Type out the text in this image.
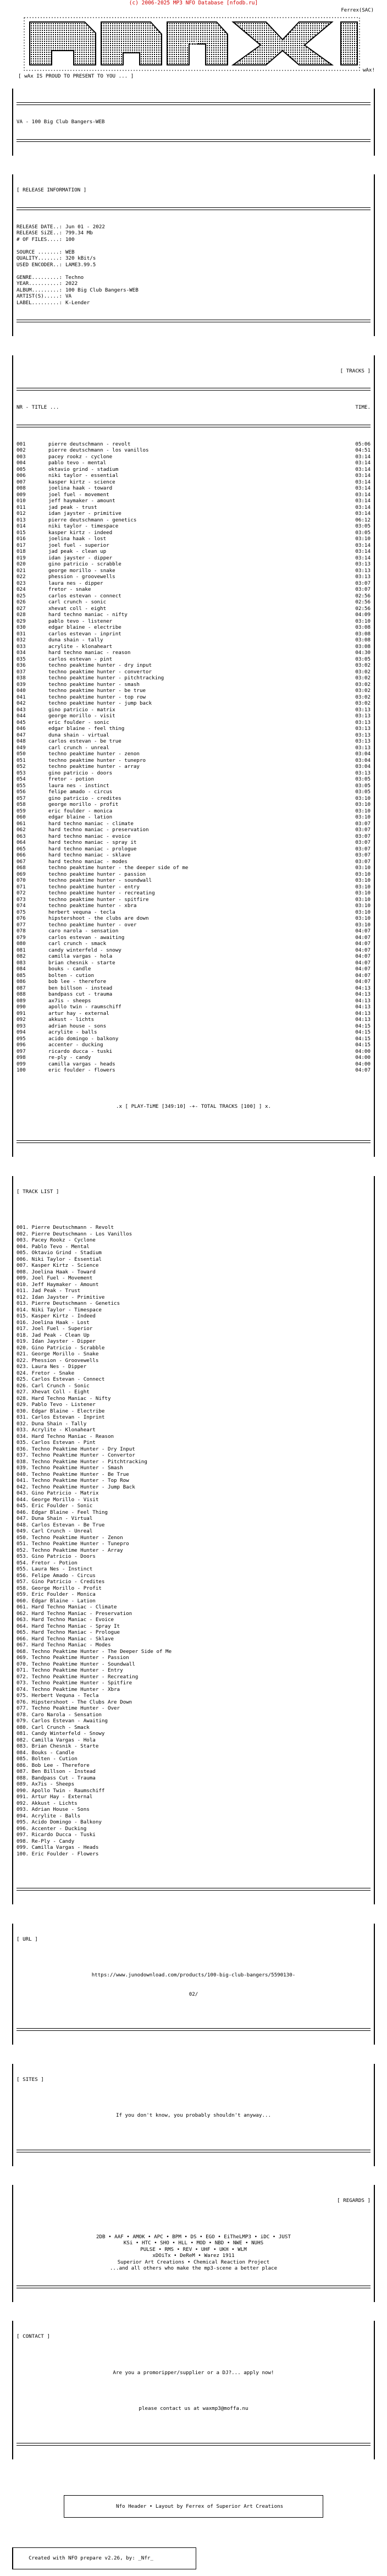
(c) 2006-2025 MP3 NFO Database [nfodb.ru]
Ferrex(SAC)
waxd

[ wAx IS PROUD TO PRESENT TO YOU ... ]

wAx!

VA - 100 Big Club Bangers-WEB

[ RELEASE INFORMATION ]

RELEASE DATE..: Jun 01 - 2022
RELEASE SiZE..: 799.34 Mb
# OF FILES....: 100

SOURCE .......: WEB
QUALITY.......: 320 kBit/s
USED ENCODER..: LAME3.99.5

GENRE.........: Techno
YEAR..........: 2022
ALBUM.........: 100 Big Club Bangers-WEB
ARTIST(S).....: VA
LABEL.........: K-Lender

[ TRACKS ]

NR - TITLE ...	TIME.

001	pierre deutschmann - revolt	05:06
002	pierre deutschmann - los vanillos	04:51
003	pacey rookz - cyclone	03:14
004	pablo tevo - mental	03:14
005	oktavio grind - stadium	03:14
006	niki taylor - essential	03:14
007	kasper kirtz - science	03:14
008	joelina haak - toward	03:14
009	joel fuel - movement	03:14
010	jeff haymaker - amount	03:14
011	jad peak - trust	03:14
012	idan jayster - primitive	03:14
013	pierre deutschmann - genetics	06:12
014	niki taylor - timespace	03:05
015	kasper kirtz - indeed	03:05
016	joelina haak - lost	03:10
017	joel fuel - superior	03:14
018	jad peak - clean up	03:14
019	idan jayster - dipper	03:14
020	gino patricio - scrabble	03:13
021	george morillo - snake	03:13
022	phession - groovewells	03:13
023	laura nes - dipper	03:07
024	fretor - snake	03:07
025	carlos estevan - connect	02:56
026	carl crunch - sonic	02:56
027	xhevat coll - eight	02:56
028	hard techno maniac - nifty	04:09
029	pablo tevo - listener	03:10
030	edgar blaine - electribe	03:08
031	carlos estevan - inprint	03:08
032	duna shain - tally	03:08
033	acrylite - klonaheart	03:08
034	hard techno maniac - reason	04:30
035	carlos estevan - pint	03:05
036	techno peaktime hunter - dry input	03:02
037	techno peaktime hunter - convertor	03:02
038	techno peaktime hunter - pitchtracking	03:02
039	techno peaktime hunter - smash	03:02
040	techno peaktime hunter - be true	03:02
041	techno peaktime hunter - top row	03:02
042	techno peaktime hunter - jump back	03:02
043	gino patricio - matrix	03:13
044	george morillo - visit	03:13
045	eric foulder - sonic	03:13
046	edgar blaine - feel thing	03:13
047	duna shain - virtual	03:13
048	carlos estevan - be true	03:13
049	carl crunch - unreal	03:13
050	techno peaktime hunter - zenon	03:04
051	techno peaktime hunter - tunepro	03:04
052	techno peaktime hunter - array	03:04
053	gino patricio - doors	03:13
054	fretor - potion	03:05
055	laura nes - instinct	03:05
056	felipe amado - circus	03:05
057	gino patricio - credites	03:10
058	george morillo - profit	03:10
059	eric foulder - monica	03:10
060	edgar blaine - lation	03:10
061	hard techno maniac - climate	03:07
062	hard techno maniac - preservation	03:07
063	hard techno maniac - evoice	03:07
064	hard techno maniac - spray it	03:07
065	hard techno maniac - prologue	03:07
066	hard techno maniac - sklave	03:07
067	hard techno maniac - modes	03:07
068	techno peaktime hunter - the deeper side of me	03:10
069	techno peaktime hunter - passion	03:10
070	techno peaktime hunter - soundwall	03:10
071	techno peaktime hunter - entry	03:10
072	techno peaktime hunter - recreating	03:10
073	techno peaktime hunter - spitfire	03:10
074	techno peaktime hunter - xbra	03:10
075	herbert vequna - tecla	03:10
076	hipstershoot - the clubs are down	03:10
077	techno peaktime hunter - over	03:10
078	caro narola - sensation	04:07
079	carlos estevan - awaiting	04:07
080	carl crunch - smack	04:07
081	candy winterfeld - snowy	04:07
082	camilla vargas - hola	04:07
083	brian chesnik - starte	04:07
084	bouks - candle	04:07
085	bolten - cution	04:07
086	bob lee - therefore	04:07
087	ben billson - instead	04:13
088	bandpass cut - trauma	04:13
089	ax7is - sheeps	04:13
090	apollo twin - raumschiff	04:13
091	artur hay - external	04:13
092	akkust - lichts	04:13
093	adrian house - sons	04:15
094	acrylite - balls	04:15
095	acido domingo - balkony	04:15
096	accenter - ducking	04:15
097	ricardo ducca - tuski	04:00
098	re-ply - candy	04:00
099	camilla vargas - heads	04:00
100	eric foulder - flowers	04:07

.x [ PLAY-TiME [349:10] -+- TOTAL TRACKS [100] ] x.

[ TRACK LIST ]

001. Pierre Deutschmann - Revolt
002. Pierre Deutschmann - Los Vanillos
003. Pacey Rookz - Cyclone
004. Pablo Tevo - Mental
005. Oktavio Grind - Stadium
006. Niki Taylor - Essential
007. Kasper Kirtz - Science
008. Joelina Haak - Toward
009. Joel Fuel - Movement
010. Jeff Haymaker - Amount
011. Jad Peak - Trust
012. Idan Jayster - Primitive
013. Pierre Deutschmann - Genetics
014. Niki Taylor - Timespace
015. Kasper Kirtz - Indeed
016. Joelina Haak - Lost
017. Joel Fuel - Superior
018. Jad Peak - Clean Up
019. Idan Jayster - Dipper
020. Gino Patricio - Scrabble
021. George Morillo - Snake
022. Phession - Groovewells
023. Laura Nes - Dipper
024. Fretor - Snake
025. Carlos Estevan - Connect
026. Carl Crunch - Sonic
027. Xhevat Coll - Eight
028. Hard Techno Maniac - Nifty
029. Pablo Tevo - Listener
030. Edgar Blaine - Electribe
031. Carlos Estevan - Inprint
032. Duna Shain - Tally
033. Acrylite - Klonaheart
034. Hard Techno Maniac - Reason
035. Carlos Estevan - Pint
036. Techno Peaktime Hunter - Dry Input
037. Techno Peaktime Hunter - Convertor
038. Techno Peaktime Hunter - Pitchtracking
039. Techno Peaktime Hunter - Smash
040. Techno Peaktime Hunter - Be True
041. Techno Peaktime Hunter - Top Row
042. Techno Peaktime Hunter - Jump Back
043. Gino Patricio - Matrix
044. George Morillo - Visit
045. Eric Foulder - Sonic
046. Edgar Blaine - Feel Thing
047. Duna Shain - Virtual
048. Carlos Estevan - Be True
049. Carl Crunch - Unreal
050. Techno Peaktime Hunter - Zenon
051. Techno Peaktime Hunter - Tunepro
052. Techno Peaktime Hunter - Array
053. Gino Patricio - Doors
054. Fretor - Potion
055. Laura Nes - Instinct
056. Felipe Amado - Circus
057. Gino Patricio - Credites
058. George Morillo - Profit
059. Eric Foulder - Monica
060. Edgar Blaine - Lation
061. Hard Techno Maniac - Climate
062. Hard Techno Maniac - Preservation
063. Hard Techno Maniac - Evoice
064. Hard Techno Maniac - Spray It
065. Hard Techno Maniac - Prologue
066. Hard Techno Maniac - Sklave
067. Hard Techno Maniac - Modes
068. Techno Peaktime Hunter - The Deeper Side of Me
069. Techno Peaktime Hunter - Passion
070. Techno Peaktime Hunter - Soundwall
071. Techno Peaktime Hunter - Entry
072. Techno Peaktime Hunter - Recreating
073. Techno Peaktime Hunter - Spitfire
074. Techno Peaktime Hunter - Xbra
075. Herbert Vequna - Tecla
076. Hipstershoot - The Clubs Are Down
077. Techno Peaktime Hunter - Over
078. Caro Narola - Sensation
079. Carlos Estevan - Awaiting
080. Carl Crunch - Smack
081. Candy Winterfeld - Snowy
082. Camilla Vargas - Hola
083. Brian Chesnik - Starte
084. Bouks - Candle
085. Bolten - Cution
086. Bob Lee - Therefore
087. Ben Billson - Instead
088. Bandpass Cut - Trauma
089. Ax7is - Sheeps
090. Apollo Twin - Raumschiff
091. Artur Hay - External
092. Akkust - Lichts
093. Adrian House - Sons
094. Acrylite - Balls
095. Acido Domingo - Balkony
096. Accenter - Ducking
097. Ricardo Ducca - Tuski
098. Re-Ply - Candy
099. Camilla Vargas - Heads
100. Eric Foulder - Flowers

[ URL ]

https://www.junodownload.com/products/100-big-club-bangers/5590130-

02/

[ SITES ]

If you don't know, you probably shouldn't anyway...

[ REGARDS ]

2DB • AAF • AMOK • APC • BPM • DS • EGO • EiTheLMP3 • iDC • JUST
KSi • HTC • SHO • HLL • MOD • NBD • NWE • NUHS
PULSE • RMS • REV • UHF • UKH • WLM
xDOiTx • DeReM • Warez 1911
Superior Art Creations • Chemical Reaction Project
...and all others who make the mp3-scene a better place

[ CONTACT ]

Are you a promoripper/supplier or a DJ?... apply now!

please contact us at waxmp3@moffa.nu

Nfo Header • Layout by Ferrex of Superior Art Creations

Created with NFO prepare v2.26, by: _Nfr_
